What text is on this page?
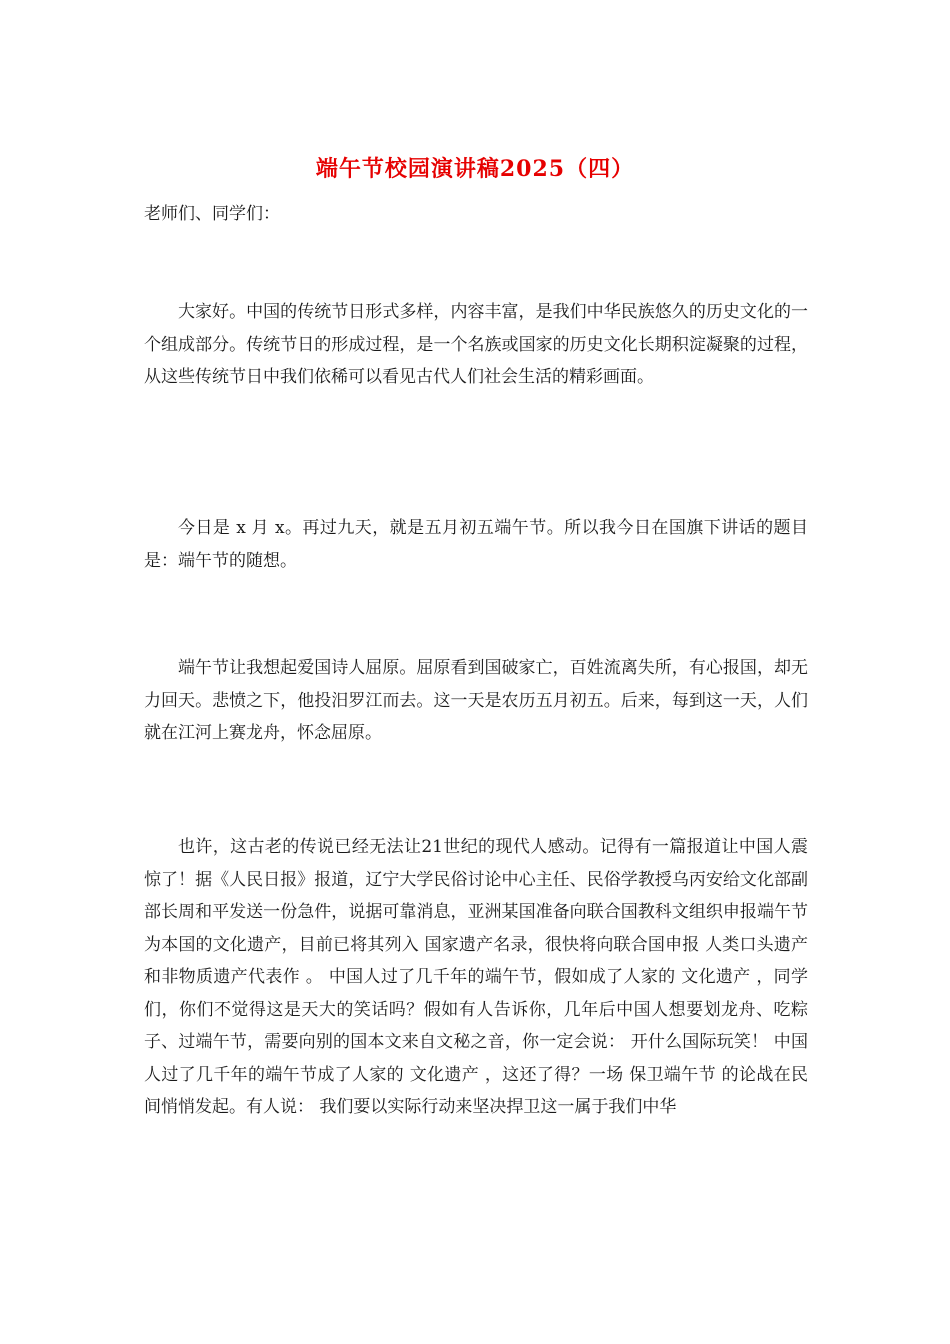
端午节校园演讲稿2025（四）
老师们、同学们：

大家好。中国的传统节日形式多样，内容丰富，是我们中华民族悠久的历史文化的一个组成部分。传统节日的形成过程，是一个名族或国家的历史文化长期积淀凝聚的过程，从这些传统节日中我们依稀可以看见古代人们社会生活的精彩画面。

今日是 x 月 x。再过九天，就是五月初五端午节。所以我今日在国旗下讲话的题目是：端午节的随想。

端午节让我想起爱国诗人屈原。屈原看到国破家亡，百姓流离失所，有心报国，却无力回天。悲愤之下，他投汨罗江而去。这一天是农历五月初五。后来，每到这一天，人们就在江河上赛龙舟，怀念屈原。

也许，这古老的传说已经无法让21世纪的现代人感动。记得有一篇报道让中国人震惊了！据《人民日报》报道，辽宁大学民俗讨论中心主任、民俗学教授乌丙安给文化部副部长周和平发送一份急件，说据可靠消息，亚洲某国准备向联合国教科文组织申报端午节为本国的文化遗产，目前已将其列入 国家遗产名录，很快将向联合国申报 人类口头遗产和非物质遗产代表作 。 中国人过了几千年的端午节，假如成了人家的 文化遗产 ，同学们，你们不觉得这是天大的笑话吗？假如有人告诉你，几年后中国人想要划龙舟、吃粽子、过端午节，需要向别的国本文来自文秘之音，你一定会说： 开什么国际玩笑！ 中国人过了几千年的端午节成了人家的 文化遗产 ，这还了得？一场 保卫端午节 的论战在民间悄悄发起。有人说： 我们要以实际行动来坚决捍卫这一属于我们中华
